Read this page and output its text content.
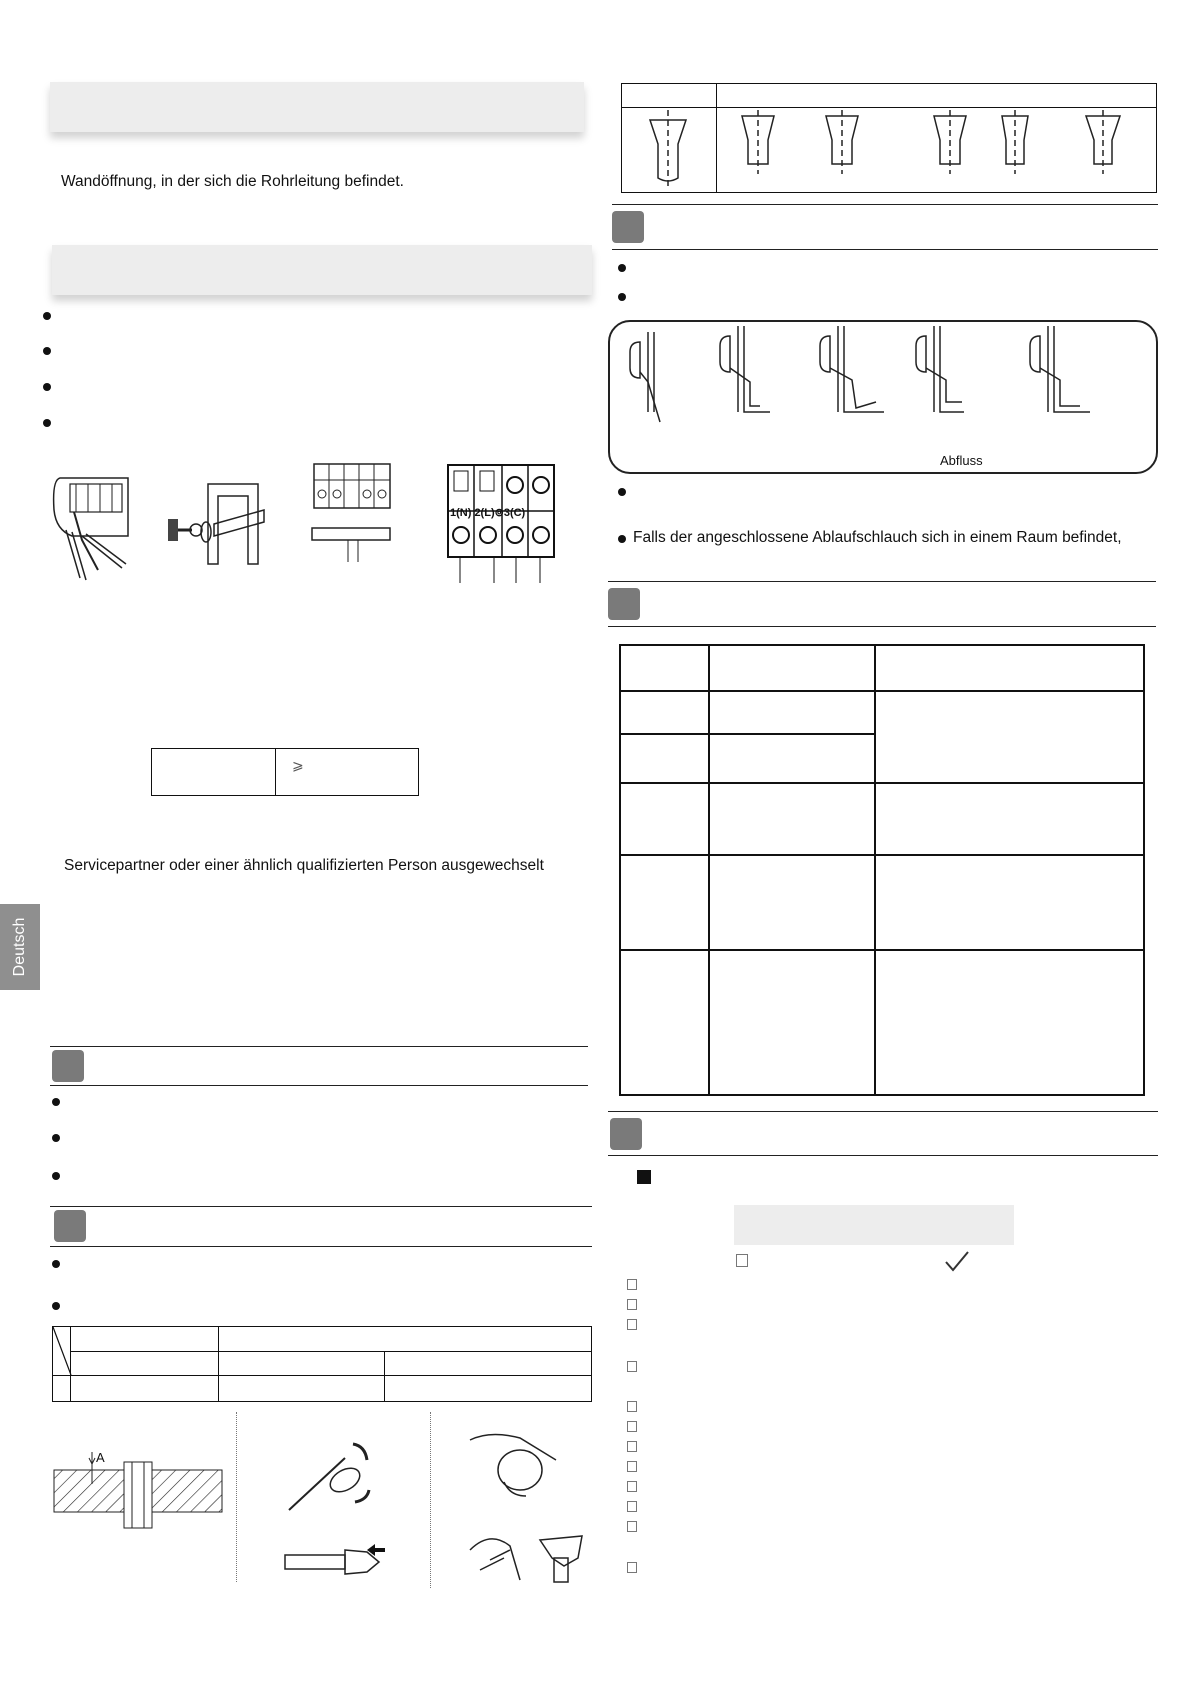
Wandöffnung, in der sich die Rohrleitung befindet.
1(N) 2(L)⊚3(C)
⩾
Servicepartner oder einer ähnlich qualifizierten Person ausgewechselt
Deutsch
A
Abfluss
Falls der angeschlossene Ablaufschlauch sich in einem Raum befindet,
